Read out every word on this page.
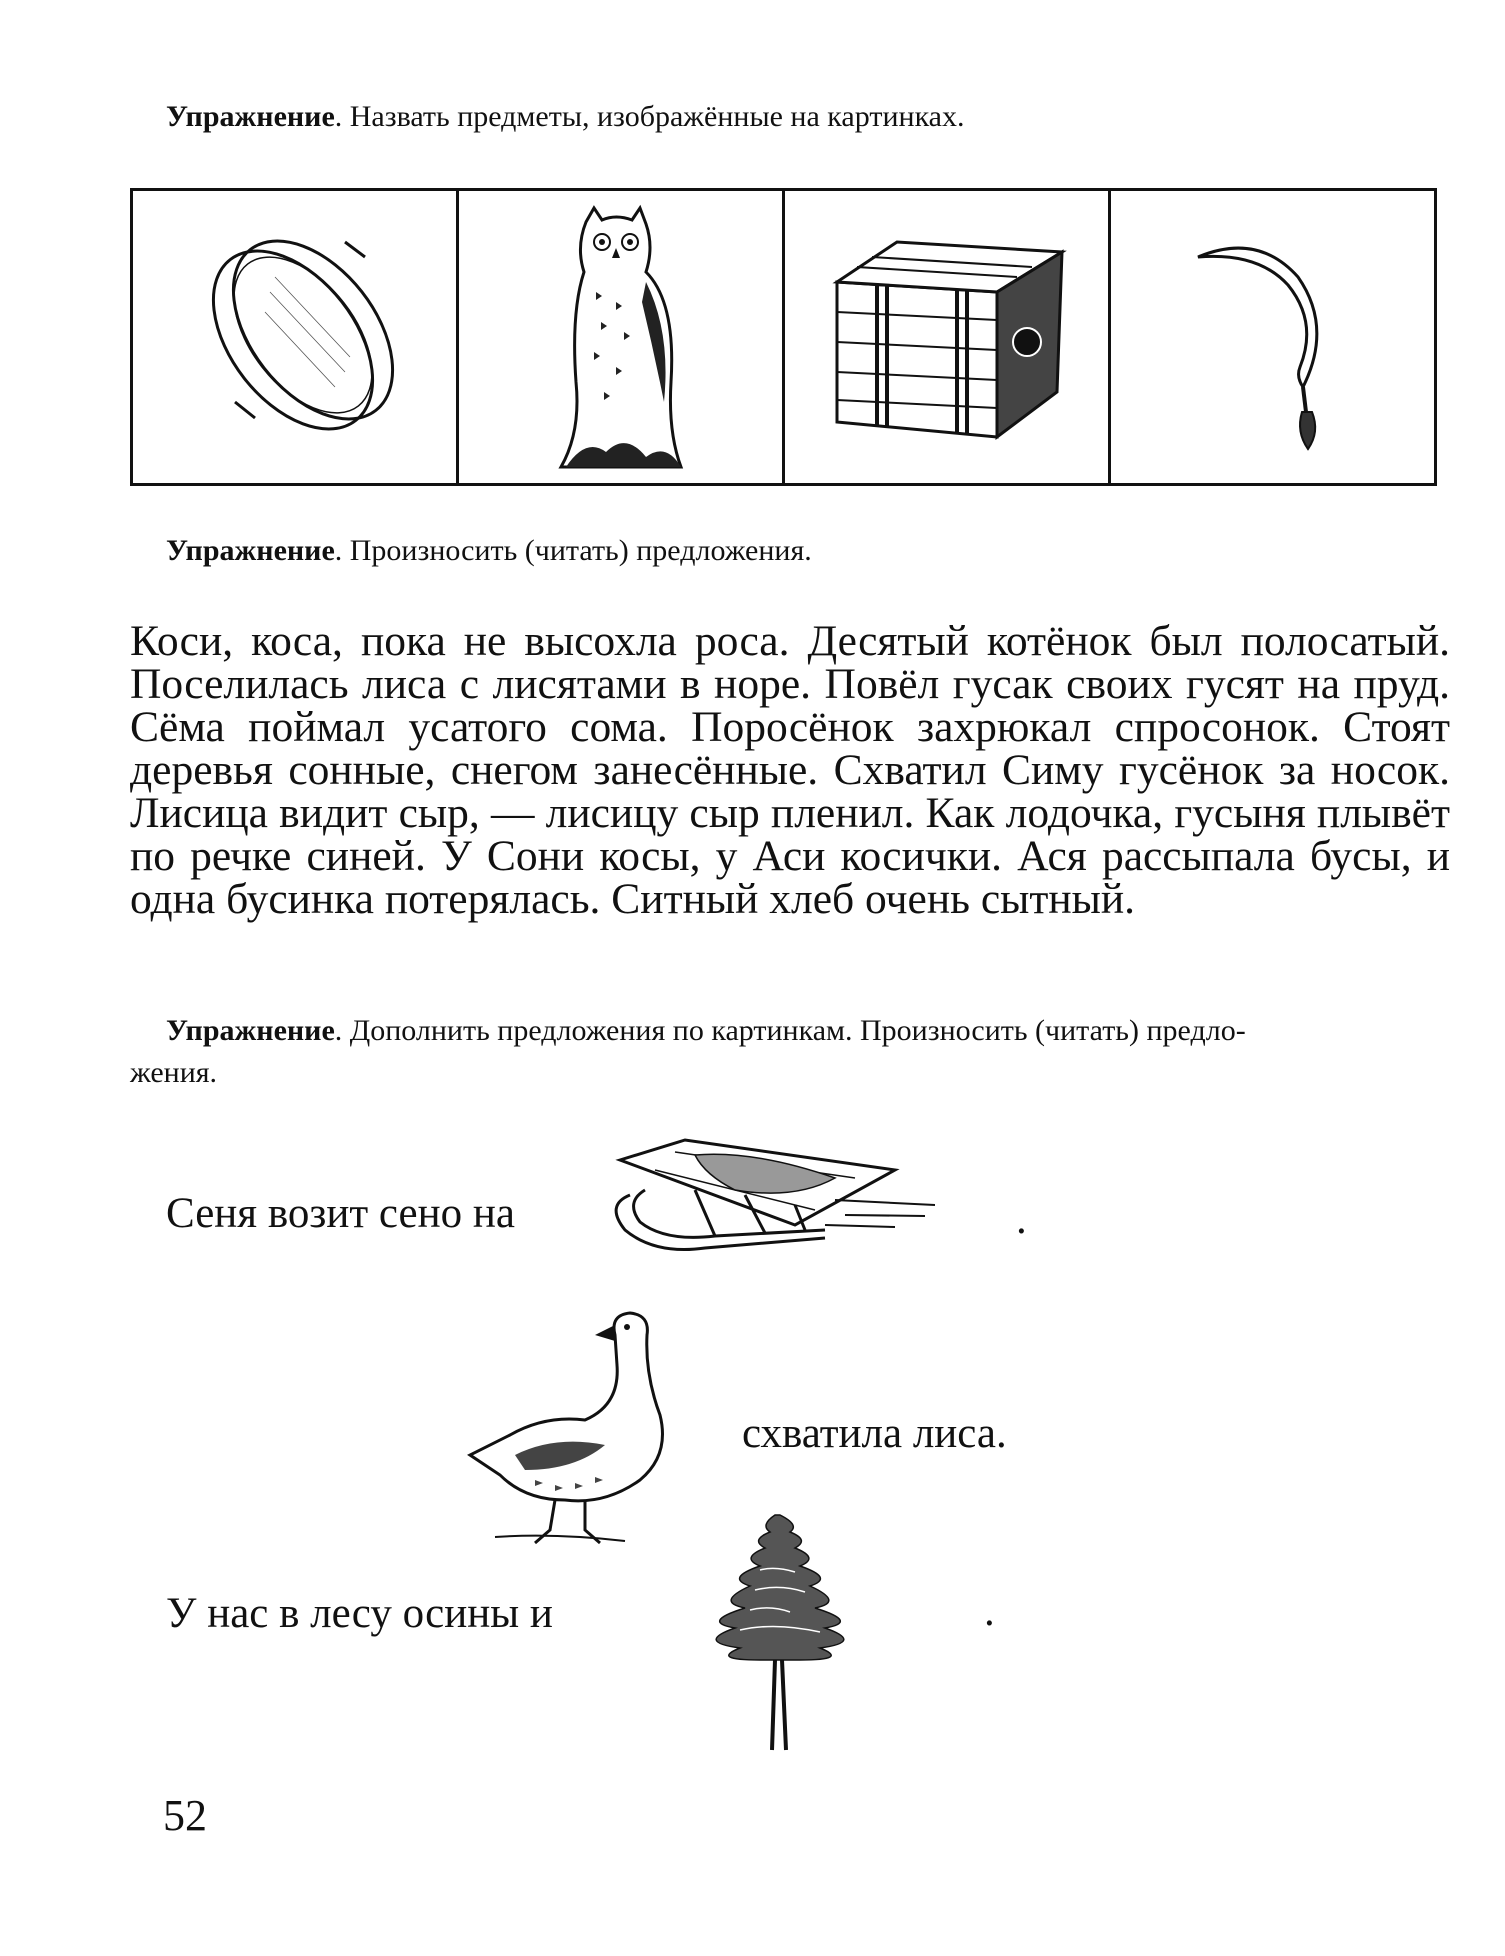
Упражнение. Назвать предметы, изображённые на картинках.
Упражнение. Произносить (читать) предложения.
Коси, коса, пока не высохла роса. Десятый котёнок был полосатый. Поселилась лиса с лисятами в норе. Повёл гусак своих гусят на пруд. Сёма поймал усатого сома. Поросёнок захрюкал спросонок. Стоят деревья сонные, снегом занесённые. Схватил Симу гусёнок за носок. Лисица видит сыр, — лисицу сыр пленил. Как лодочка, гусыня плывёт по речке синей. У Сони косы, у Аси косички. Ася рассыпала бусы, и одна бусинка потерялась. Ситный хлеб очень сытный.
Упражнение. Дополнить предложения по картинкам. Произносить (читать) предло-
жения.
Сеня возит сено на	.
схватила лиса.
У нас в лесу осины и	.
52
